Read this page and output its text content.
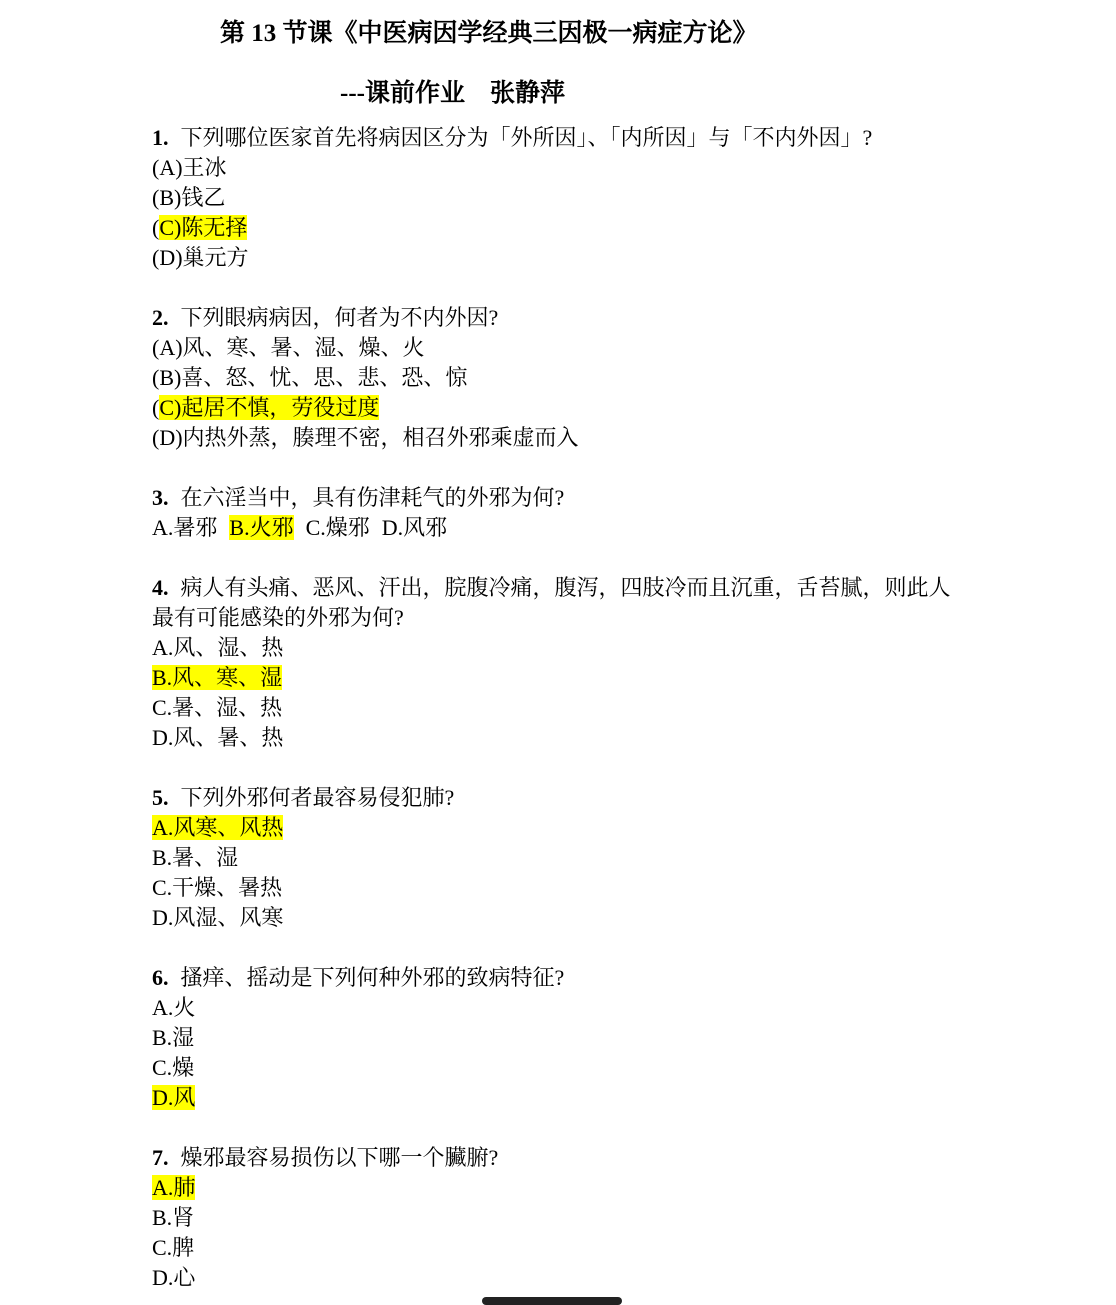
第 13 节课《中医病因学经典三因极一病症方论》
---课前作业    张静萍
1. 下列哪位医家首先将病因区分为「外所因」、「内所因」与「不内外因」?
(A)王冰
(B)钱乙
(C)陈无择
(D)巢元方
2. 下列眼病病因，何者为不内外因?
(A)风、寒、暑、湿、燥、火
(B)喜、怒、忧、思、悲、恐、惊
(C)起居不慎，劳役过度
(D)内热外蒸，腠理不密，相召外邪乘虚而入
3. 在六淫当中，具有伤津耗气的外邪为何?
A.暑邪 B.火邪 C.燥邪 D.风邪
4. 病人有头痛、恶风、汗出，脘腹冷痛，腹泻，四肢冷而且沉重，舌苔腻，则此人最有可能感染的外邪为何?
A.风、湿、热
B.风、寒、湿
C.暑、湿、热
D.风、暑、热
5. 下列外邪何者最容易侵犯肺?
A.风寒、风热
B.暑、湿
C.干燥、暑热
D.风湿、风寒
6. 搔痒、摇动是下列何种外邪的致病特征?
A.火
B.湿
C.燥
D.风
7. 燥邪最容易损伤以下哪一个臟腑?
A.肺
B.肾
C.脾
D.心
